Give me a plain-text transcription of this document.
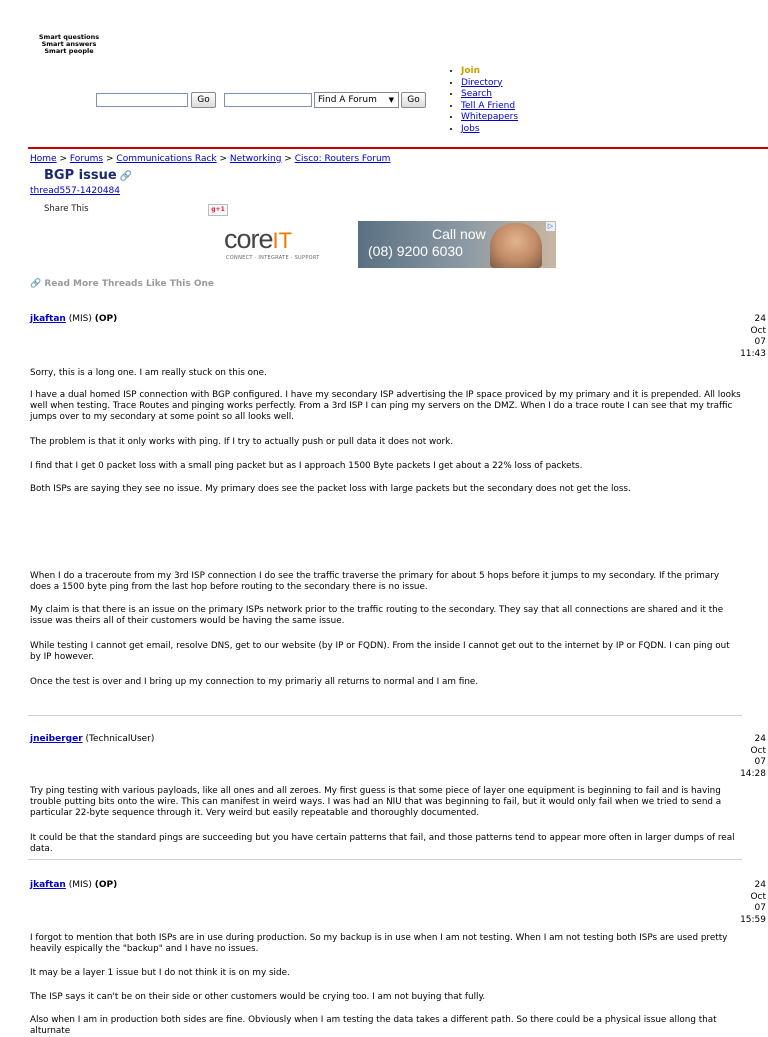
Smart questions
Smart answers
Smart people
Go	Find A Forum ▼	Go
• Join
• Directory
• Search
• Tell A Friend
• Whitepapers
• Jobs
Home > Forums > Communications Rack > Networking > Cisco: Routers Forum
BGP issue 🔗
thread557-1420484
Share This	g+1
coreIT
CONNECT · INTEGRATE · SUPPORT
Call now
(08) 9200 6030
▷
🔗 Read More Threads Like This One
jkaftan (MIS) (OP)	24
Oct
07
11:43

Sorry, this is a long one. I am really stuck on this one.

I have a dual homed ISP connection with BGP configured. I have my secondary ISP advertising the IP space proviced by my primary and it is prepended. All looks well when testing. Trace Routes and pinging works perfectly. From a 3rd ISP I can ping my servers on the DMZ. When I do a trace route I can see that my traffic jumps over to my secondary at some point so all looks well.

The problem is that it only works with ping. If I try to actually push or pull data it does not work.

I find that I get 0 packet loss with a small ping packet but as I approach 1500 Byte packets I get about a 22% loss of packets.

Both ISPs are saying they see no issue. My primary does see the packet loss with large packets but the secondary does not get the loss.

When I do a traceroute from my 3rd ISP connection I do see the traffic traverse the primary for about 5 hops before it jumps to my secondary. If the primary does a 1500 byte ping from the last hop before routing to the secondary there is no issue.

My claim is that there is an issue on the primary ISPs network prior to the traffic routing to the secondary. They say that all connections are shared and it the issue was theirs all of their customers would be having the same issue.

While testing I cannot get email, resolve DNS, get to our website (by IP or FQDN). From the inside I cannot get out to the internet by IP or FQDN. I can ping out by IP however.

Once the test is over and I bring up my connection to my primariy all returns to normal and I am fine.

jneiberger (TechnicalUser)	24
Oct
07
14:28

Try ping testing with various payloads, like all ones and all zeroes. My first guess is that some piece of layer one equipment is beginning to fail and is having trouble putting bits onto the wire. This can manifest in weird ways. I was had an NIU that was beginning to fail, but it would only fail when we tried to send a particular 22-byte sequence through it. Very weird but easily repeatable and thoroughly documented.

It could be that the standard pings are succeeding but you have certain patterns that fail, and those patterns tend to appear more often in larger dumps of real data.

jkaftan (MIS) (OP)	24
Oct
07
15:59

I forgot to mention that both ISPs are in use during production. So my backup is in use when I am not testing. When I am not testing both ISPs are used pretty heavily espically the "backup" and I have no issues.

It may be a layer 1 issue but I do not think it is on my side.

The ISP says it can't be on their side or other customers would be crying too. I am not buying that fully.

Also when I am in production both sides are fine. Obviously when I am testing the data takes a different path. So there could be a physical issue allong that alturnate
